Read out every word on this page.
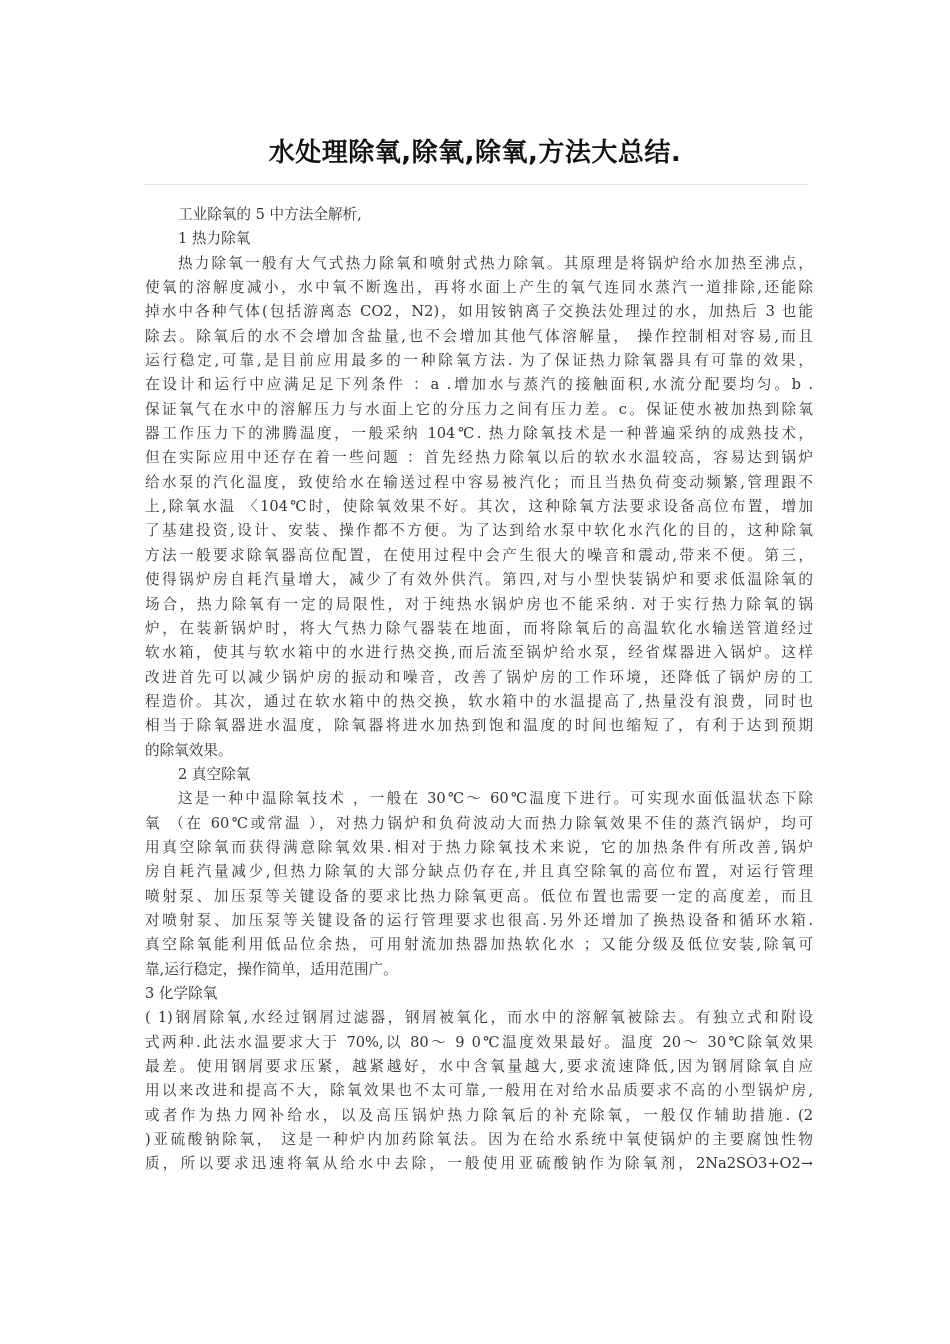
水处理除氧,除氧,除氧,方法大总结.
工业除氧的 5 中方法全解析,
1 热力除氧
热力除氧一般有大气式热力除氧和喷射式热力除氧。其原理是将锅炉给水加热至沸点，
使氧的溶解度减小，水中氧不断逸出，再将水面上产生的氧气连同水蒸汽一道排除,还能除
掉水中各种气体(包括游离态 CO2，N2)，如用铵钠离子交换法处理过的水，加热后 3 也能
除去。除氧后的水不会增加含盐量,也不会增加其他气体溶解量， 操作控制相对容易,而且
运行稳定,可靠,是目前应用最多的一种除氧方法. 为了保证热力除氧器具有可靠的效果，
在设计和运行中应满足足下列条件 ：a .增加水与蒸汽的接触面积,水流分配要均匀。b .
保证氧气在水中的溶解压力与水面上它的分压力之间有压力差。c。保证使水被加热到除氧
器工作压力下的沸腾温度，一般采纳 104℃. 热力除氧技术是一种普遍采纳的成熟技术，
但在实际应用中还存在着一些问题 ：首先经热力除氧以后的软水水温较高，容易达到锅炉
给水泵的汽化温度，致使给水在输送过程中容易被汽化；而且当热负荷变动频繁,管理跟不
上,除氧水温 〈104℃时，使除氧效果不好。其次，这种除氧方法要求设备高位布置，增加
了基建投资,设计、安装、操作都不方便。为了达到给水泵中软化水汽化的目的，这种除氧
方法一般要求除氧器高位配置，在使用过程中会产生很大的噪音和震动,带来不便。第三，
使得锅炉房自耗汽量增大，减少了有效外供汽。第四,对与小型快装锅炉和要求低温除氧的
场合，热力除氧有一定的局限性，对于纯热水锅炉房也不能采纳. 对于实行热力除氧的锅
炉，在装新锅炉时，将大气热力除气器装在地面，而将除氧后的高温软化水输送管道经过
软水箱，使其与软水箱中的水进行热交换,而后流至锅炉给水泵，经省煤器进入锅炉。这样
改进首先可以减少锅炉房的振动和噪音，改善了锅炉房的工作环境，还降低了锅炉房的工
程造价。其次，通过在软水箱中的热交换，软水箱中的水温提高了,热量没有浪费，同时也
相当于除氧器进水温度，除氧器将进水加热到饱和温度的时间也缩短了，有利于达到预期
的除氧效果。
2 真空除氧
这是一种中温除氧技术 ，一般在 30℃～ 60℃温度下进行。可实现水面低温状态下除
氧 （在 60℃或常温 ），对热力锅炉和负荷波动大而热力除氧效果不佳的蒸汽锅炉，均可
用真空除氧而获得满意除氧效果.相对于热力除氧技术来说，它的加热条件有所改善,锅炉
房自耗汽量减少,但热力除氧的大部分缺点仍存在,并且真空除氧的高位布置，对运行管理
喷射泵、加压泵等关键设备的要求比热力除氧更高。低位布置也需要一定的高度差，而且
对喷射泵、加压泵等关键设备的运行管理要求也很高.另外还增加了换热设备和循环水箱.
真空除氧能利用低品位余热，可用射流加热器加热软化水 ；又能分级及低位安装,除氧可
靠,运行稳定，操作简单，适用范围广。
3 化学除氧
( 1)钢屑除氧,水经过钢屑过滤器，钢屑被氧化，而水中的溶解氧被除去。有独立式和附设
式两种.此法水温要求大于 70%,以 80～ 9 0℃温度效果最好。温度 20～ 30℃除氧效果
最差。使用钢屑要求压紧，越紧越好，水中含氧量越大,要求流速降低,因为钢屑除氧自应
用以来改进和提高不大，除氧效果也不太可靠,一般用在对给水品质要求不高的小型锅炉房,
或者作为热力网补给水，以及高压锅炉热力除氧后的补充除氧，一般仅作辅助措施. (2
)亚硫酸钠除氧， 这是一种炉内加药除氧法。因为在给水系统中氧使锅炉的主要腐蚀性物
质，所以要求迅速将氧从给水中去除，一般使用亚硫酸钠作为除氧剂，2Na2SO3+O2→
